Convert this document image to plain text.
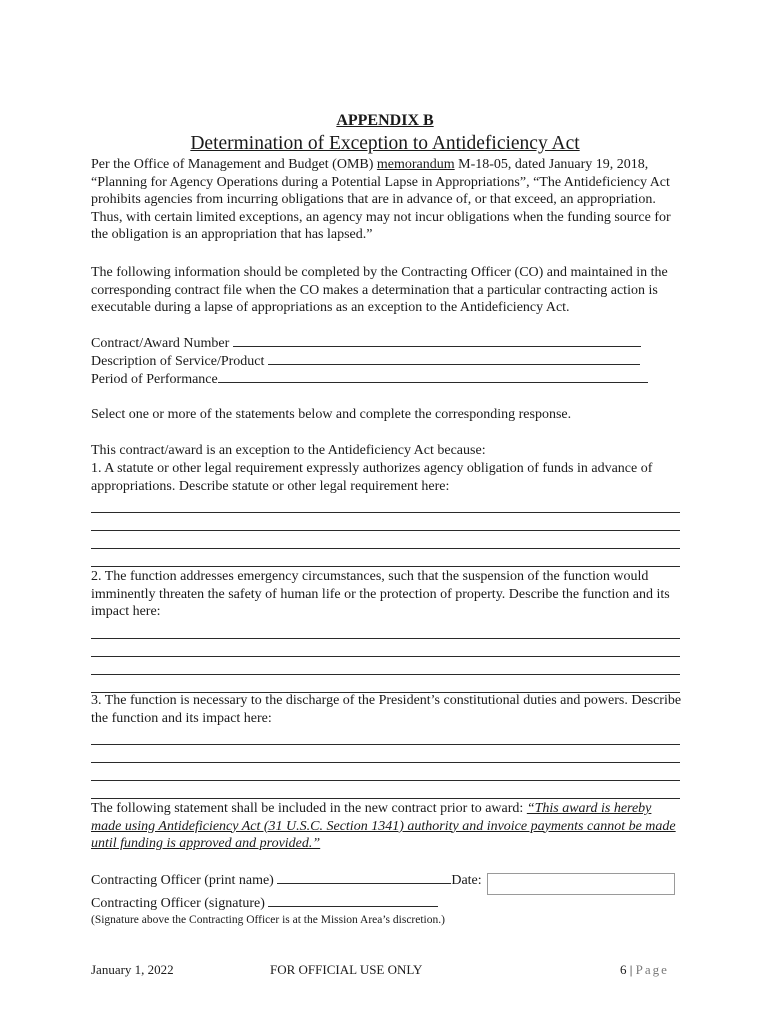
APPENDIX B
Determination of Exception to Antideficiency Act
Per the Office of Management and Budget (OMB) memorandum M-18-05, dated January 19, 2018, “Planning for Agency Operations during a Potential Lapse in Appropriations”, “The Antideficiency Act prohibits agencies from incurring obligations that are in advance of, or that exceed, an appropriation. Thus, with certain limited exceptions, an agency may not incur obligations when the funding source for the obligation is an appropriation that has lapsed.”
The following information should be completed by the Contracting Officer (CO) and maintained in the corresponding contract file when the CO makes a determination that a particular contracting action is executable during a lapse of appropriations as an exception to the Antideficiency Act.
Contract/Award Number
Description of Service/Product
Period of Performance
Select one or more of the statements below and complete the corresponding response.
This contract/award is an exception to the Antideficiency Act because:
1. A statute or other legal requirement expressly authorizes agency obligation of funds in advance of appropriations. Describe statute or other legal requirement here:
2. The function addresses emergency circumstances, such that the suspension of the function would imminently threaten the safety of human life or the protection of property. Describe the function and its impact here:
3. The function is necessary to the discharge of the President’s constitutional duties and powers. Describe the function and its impact here:
The following statement shall be included in the new contract prior to award: “This award is hereby made using Antideficiency Act (31 U.S.C. Section 1341) authority and invoice payments cannot be made until funding is approved and provided.”
Contracting Officer (print name)	Date:
Contracting Officer (signature)
(Signature above the Contracting Officer is at the Mission Area’s discretion.)
January 1, 2022	FOR OFFICIAL USE ONLY	6 | Page
